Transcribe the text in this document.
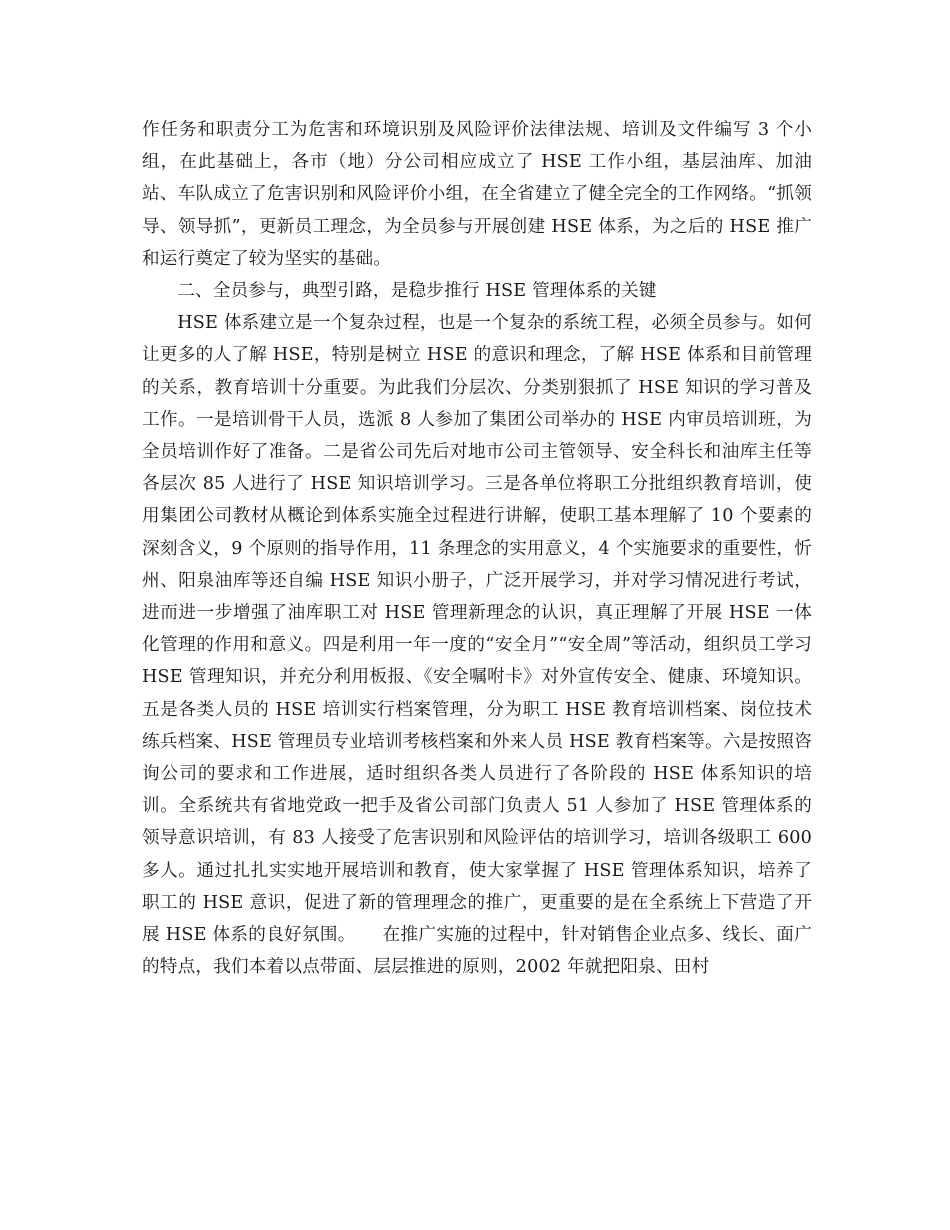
作任务和职责分工为危害和环境识别及风险评价法律法规、培训及文件编写 3 个小组，在此基础上，各市（地）分公司相应成立了 HSE 工作小组，基层油库、加油站、车队成立了危害识别和风险评价小组，在全省建立了健全完全的工作网络。“抓领导、领导抓”，更新员工理念，为全员参与开展创建 HSE 体系，为之后的 HSE 推广和运行奠定了较为坚实的基础。

二、全员参与，典型引路，是稳步推行 HSE 管理体系的关键

HSE 体系建立是一个复杂过程，也是一个复杂的系统工程，必须全员参与。如何让更多的人了解 HSE，特别是树立 HSE 的意识和理念，了解 HSE 体系和目前管理的关系，教育培训十分重要。为此我们分层次、分类别狠抓了 HSE 知识的学习普及工作。一是培训骨干人员，选派 8 人参加了集团公司举办的 HSE 内审员培训班，为全员培训作好了准备。二是省公司先后对地市公司主管领导、安全科长和油库主任等各层次 85 人进行了 HSE 知识培训学习。三是各单位将职工分批组织教育培训，使用集团公司教材从概论到体系实施全过程进行讲解，使职工基本理解了 10 个要素的深刻含义，9 个原则的指导作用，11 条理念的实用意义，4 个实施要求的重要性，忻州、阳泉油库等还自编 HSE 知识小册子，广泛开展学习，并对学习情况进行考试，进而进一步增强了油库职工对 HSE 管理新理念的认识，真正理解了开展 HSE 一体化管理的作用和意义。四是利用一年一度的“安全月”“安全周”等活动，组织员工学习 HSE 管理知识，并充分利用板报、《安全嘱咐卡》对外宣传安全、健康、环境知识。五是各类人员的 HSE 培训实行档案管理，分为职工 HSE 教育培训档案、岗位技术练兵档案、HSE 管理员专业培训考核档案和外来人员 HSE 教育档案等。六是按照咨询公司的要求和工作进展，适时组织各类人员进行了各阶段的 HSE 体系知识的培训。全系统共有省地党政一把手及省公司部门负责人 51 人参加了 HSE 管理体系的领导意识培训，有 83 人接受了危害识别和风险评估的培训学习，培训各级职工 600 多人。通过扎扎实实地开展培训和教育，使大家掌握了 HSE 管理体系知识，培养了职工的 HSE 意识，促进了新的管理理念的推广，更重要的是在全系统上下营造了开展 HSE 体系的良好氛围。　　在推广实施的过程中，针对销售企业点多、线长、面广的特点，我们本着以点带面、层层推进的原则，2002 年就把阳泉、田村
